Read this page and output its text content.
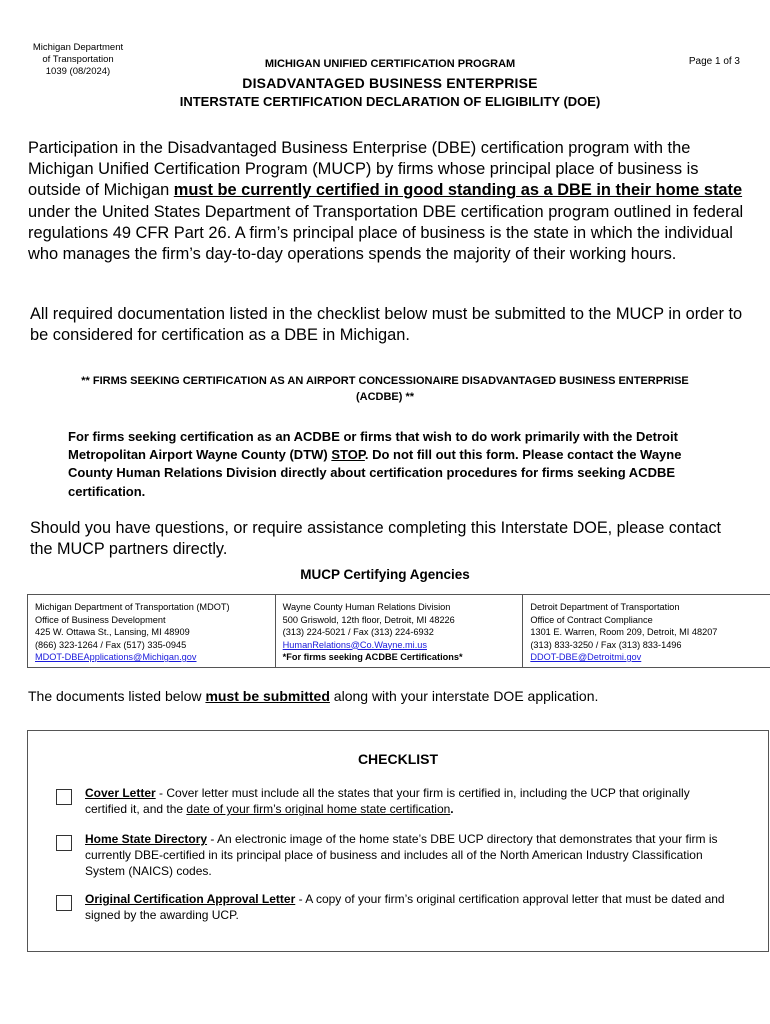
Michigan Department
of Transportation
1039 (08/2024)
MICHIGAN UNIFIED CERTIFICATION PROGRAM	Page 1 of 3
DISADVANTAGED BUSINESS ENTERPRISE
INTERSTATE CERTIFICATION DECLARATION OF ELIGIBILITY (DOE)
Participation in the Disadvantaged Business Enterprise (DBE) certification program with the Michigan Unified Certification Program (MUCP) by firms whose principal place of business is outside of Michigan must be currently certified in good standing as a DBE in their home state under the United States Department of Transportation DBE certification program outlined in federal regulations 49 CFR Part 26. A firm’s principal place of business is the state in which the individual who manages the firm’s day-to-day operations spends the majority of their working hours.
All required documentation listed in the checklist below must be submitted to the MUCP in order to be considered for certification as a DBE in Michigan.
** FIRMS SEEKING CERTIFICATION AS AN AIRPORT CONCESSIONAIRE DISADVANTAGED BUSINESS ENTERPRISE (ACDBE) **
For firms seeking certification as an ACDBE or firms that wish to do work primarily with the Detroit Metropolitan Airport Wayne County (DTW) STOP. Do not fill out this form. Please contact the Wayne County Human Relations Division directly about certification procedures for firms seeking ACDBE certification.
Should you have questions, or require assistance completing this Interstate DOE, please contact the MUCP partners directly.
MUCP Certifying Agencies
Michigan Department of Transportation (MDOT)
Office of Business Development
425 W. Ottawa St., Lansing, MI 48909
(866) 323-1264 / Fax (517) 335-0945
MDOT-DBEApplications@Michigan.gov
Wayne County Human Relations Division
500 Griswold, 12th floor, Detroit, MI 48226
(313) 224-5021 / Fax (313) 224-6932
HumanRelations@Co.Wayne.mi.us
*For firms seeking ACDBE Certifications*
Detroit Department of Transportation
Office of Contract Compliance
1301 E. Warren, Room 209, Detroit, MI 48207
(313) 833-3250 / Fax (313) 833-1496
DDOT-DBE@Detroitmi.gov
The documents listed below must be submitted along with your interstate DOE application.
CHECKLIST
Cover Letter - Cover letter must include all the states that your firm is certified in, including the UCP that originally certified it, and the date of your firm’s original home state certification.
Home State Directory - An electronic image of the home state’s DBE UCP directory that demonstrates that your firm is currently DBE-certified in its principal place of business and includes all of the North American Industry Classification System (NAICS) codes.
Original Certification Approval Letter - A copy of your firm’s original certification approval letter that must be dated and signed by the awarding UCP.
